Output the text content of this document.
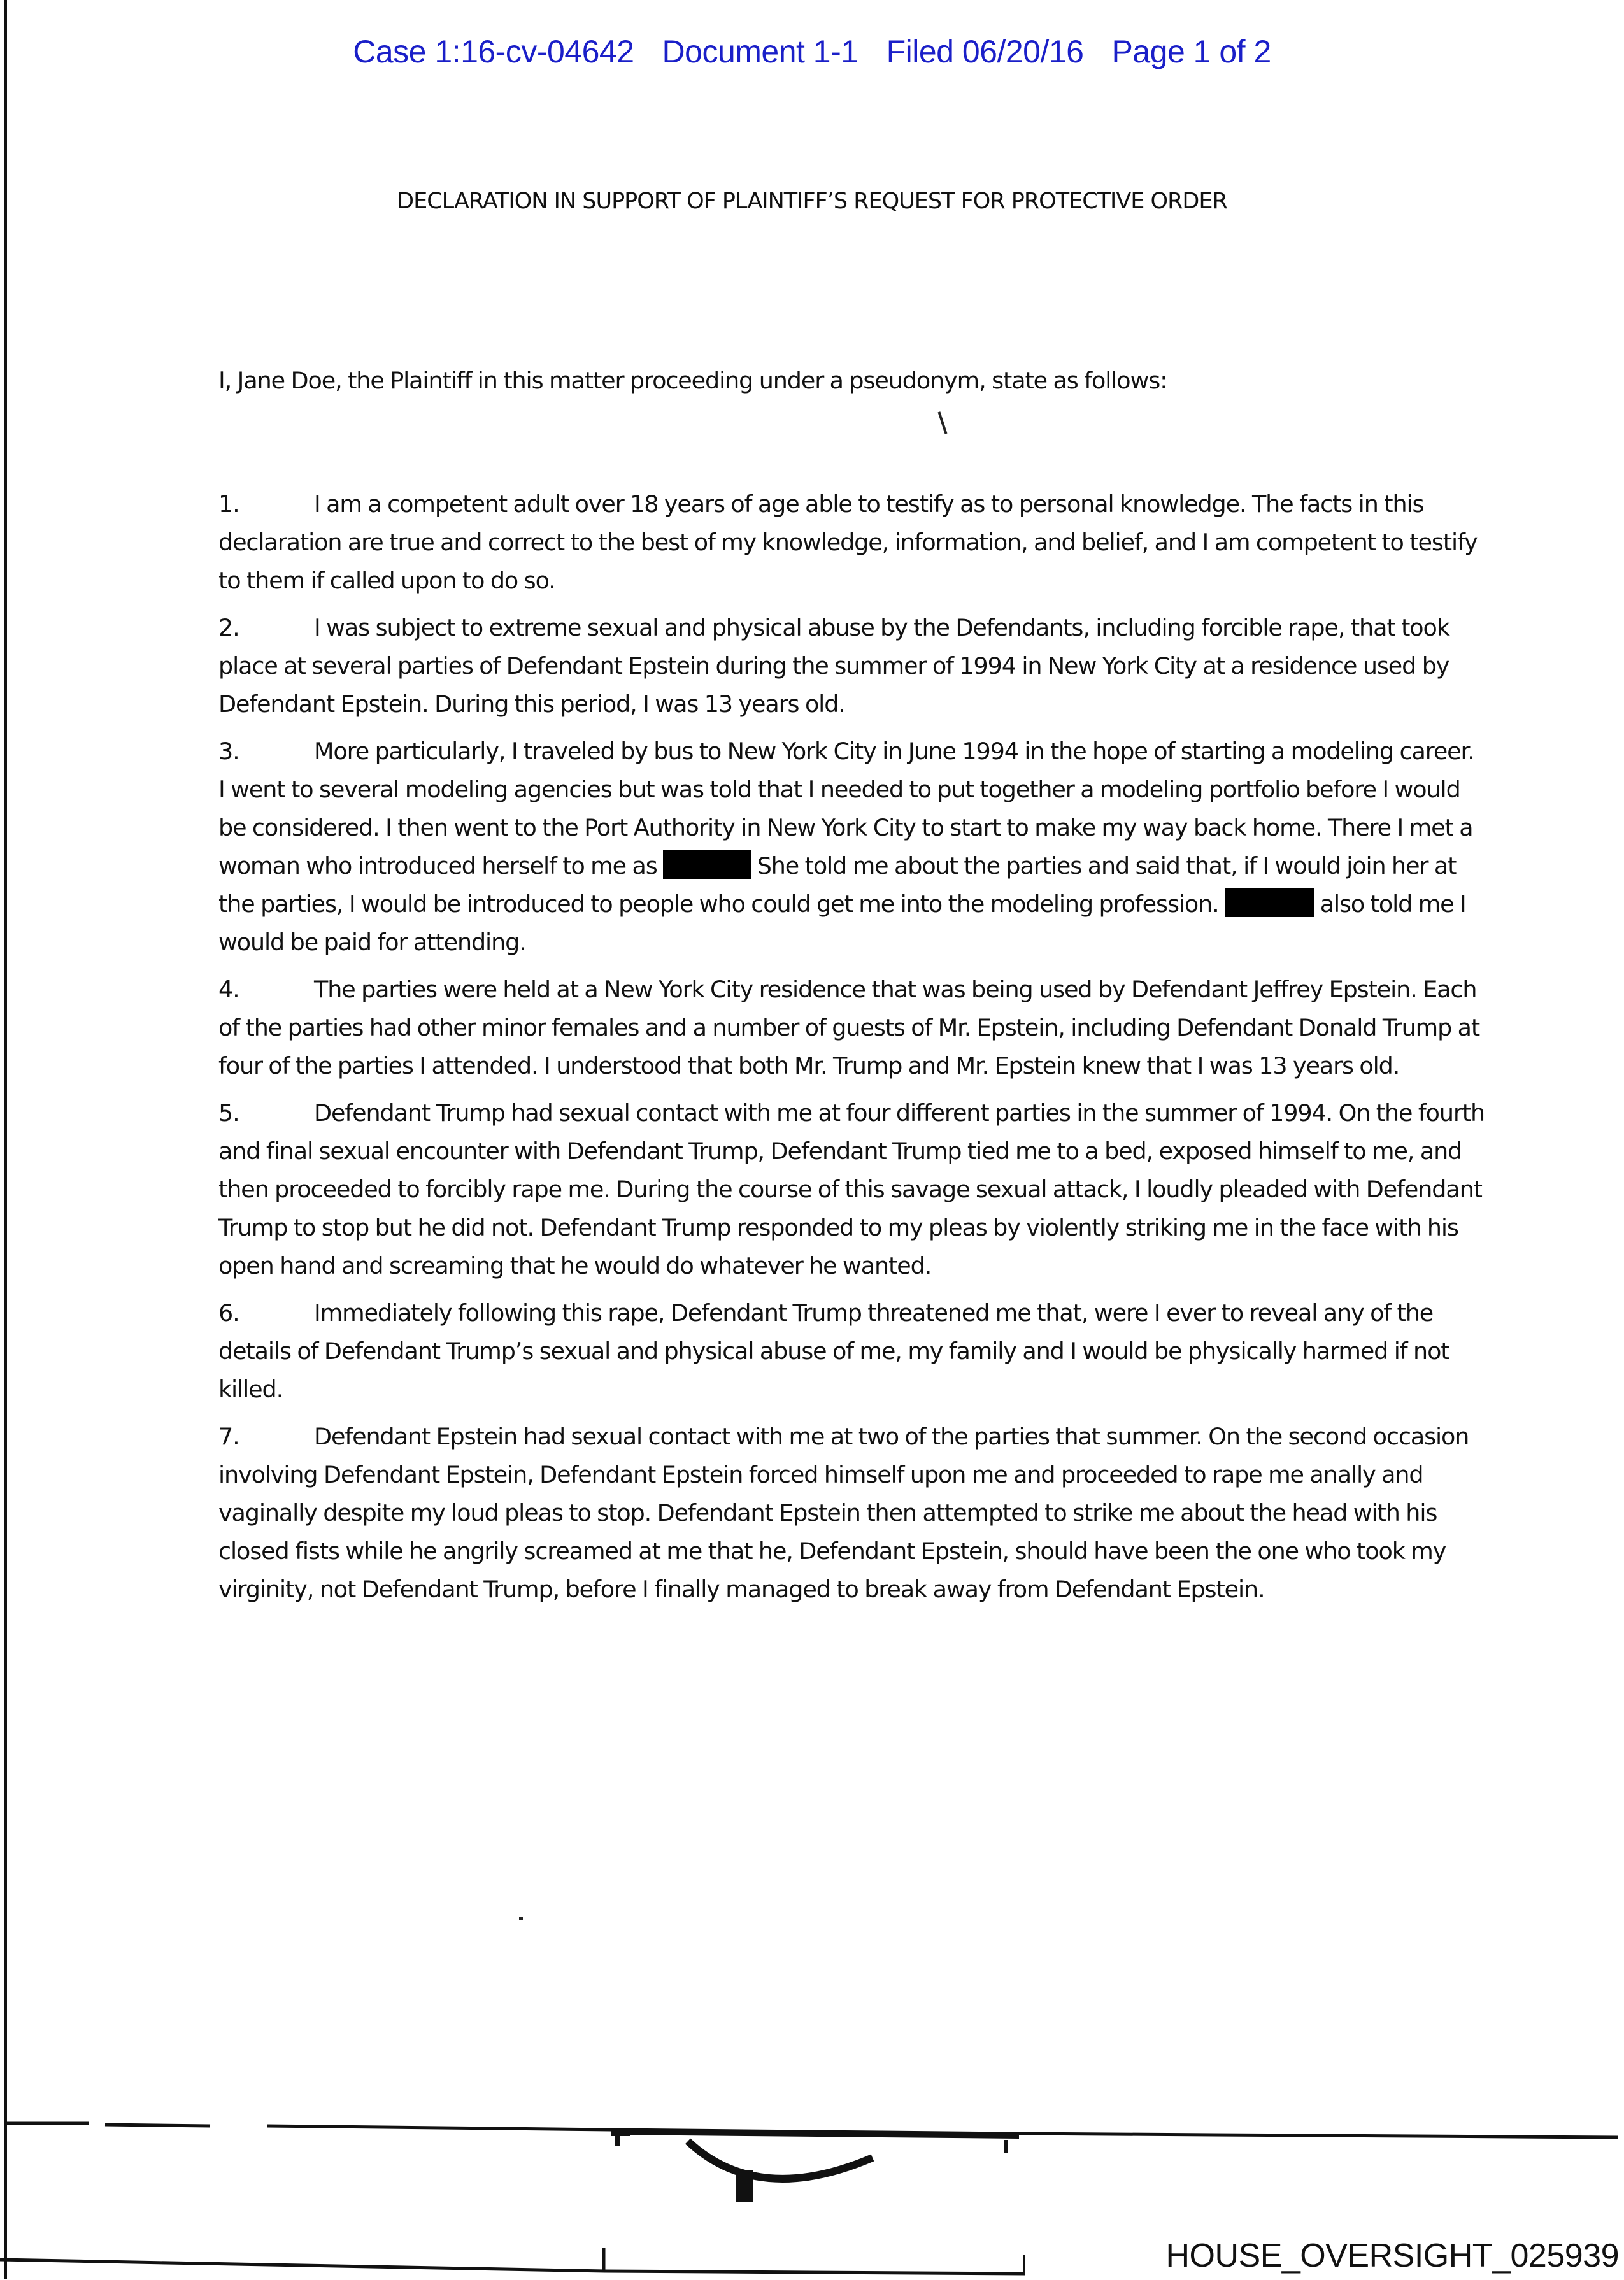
Case 1:16-cv-04642 Document 1-1 Filed 06/20/16 Page 1 of 2
DECLARATION IN SUPPORT OF PLAINTIFF’S REQUEST FOR PROTECTIVE ORDER
I, Jane Doe, the Plaintiff in this matter proceeding under a pseudonym, state as follows:

1.	I am a competent adult over 18 years of age able to testify as to personal knowledge. The facts in this declaration are true and correct to the best of my knowledge, information, and belief, and I am competent to testify to them if called upon to do so.

2.	I was subject to extreme sexual and physical abuse by the Defendants, including forcible rape, that took place at several parties of Defendant Epstein during the summer of 1994 in New York City at a residence used by Defendant Epstein. During this period, I was 13 years old.

3.	More particularly, I traveled by bus to New York City in June 1994 in the hope of starting a modeling career. I went to several modeling agencies but was told that I needed to put together a modeling portfolio before I would be considered. I then went to the Port Authority in New York City to start to make my way back home. There I met a woman who introduced herself to me as	She told me about the parties and said that, if I would join her at the parties, I would be introduced to people who could get me into the modeling profession.	also told me I would be paid for attending.

4.	The parties were held at a New York City residence that was being used by Defendant Jeffrey Epstein. Each of the parties had other minor females and a number of guests of Mr. Epstein, including Defendant Donald Trump at four of the parties I attended. I understood that both Mr. Trump and Mr. Epstein knew that I was 13 years old.

5.	Defendant Trump had sexual contact with me at four different parties in the summer of 1994. On the fourth and final sexual encounter with Defendant Trump, Defendant Trump tied me to a bed, exposed himself to me, and then proceeded to forcibly rape me. During the course of this savage sexual attack, I loudly pleaded with Defendant Trump to stop but he did not. Defendant Trump responded to my pleas by violently striking me in the face with his open hand and screaming that he would do whatever he wanted.

6.	Immediately following this rape, Defendant Trump threatened me that, were I ever to reveal any of the details of Defendant Trump’s sexual and physical abuse of me, my family and I would be physically harmed if not killed.

7.	Defendant Epstein had sexual contact with me at two of the parties that summer. On the second occasion involving Defendant Epstein, Defendant Epstein forced himself upon me and proceeded to rape me anally and vaginally despite my loud pleas to stop. Defendant Epstein then attempted to strike me about the head with his closed fists while he angrily screamed at me that he, Defendant Epstein, should have been the one who took my virginity, not Defendant Trump, before I finally managed to break away from Defendant Epstein.

HOUSE_OVERSIGHT_025939
